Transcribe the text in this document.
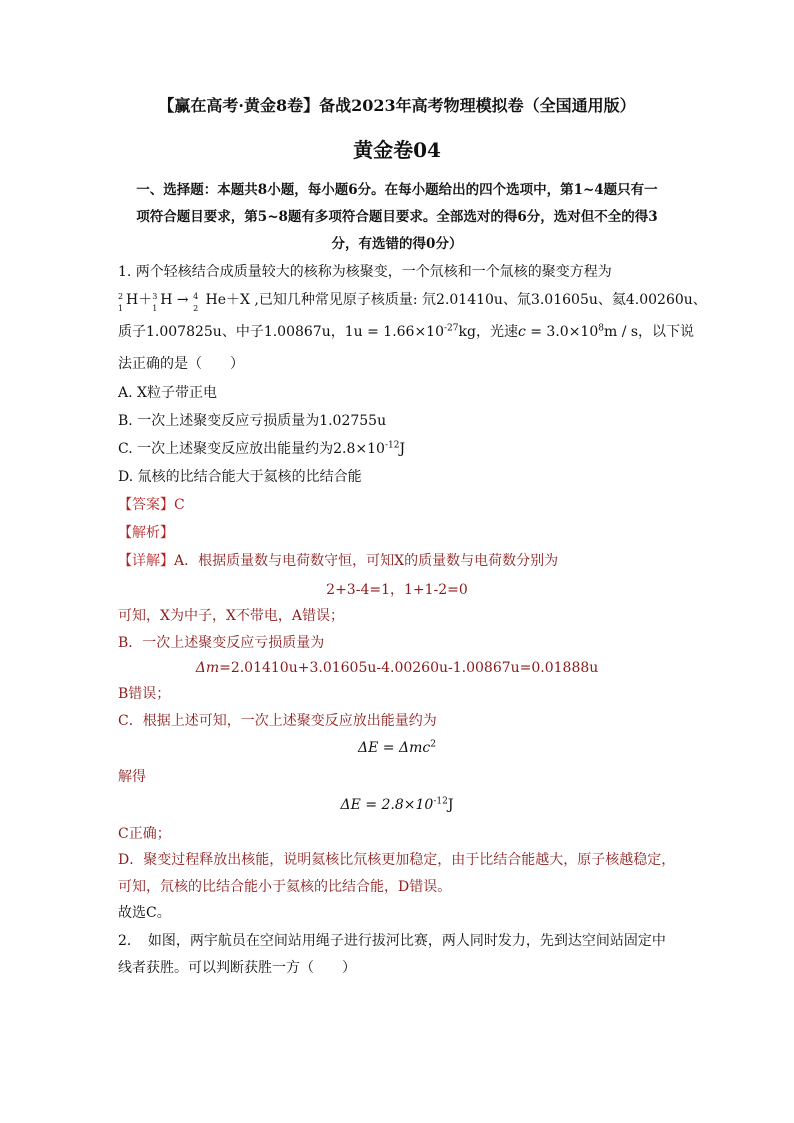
【赢在高考·黄金8卷】备战2023年高考物理模拟卷（全国通用版）
黄金卷04
一、选择题：本题共8小题，每小题6分。在每小题给出的四个选项中，第1~4题只有一
项符合题目要求，第5~8题有多项符合题目要求。全部选对的得6分，选对但不全的得3
分，有选错的得0分）
1. 两个轻核结合成质量较大的核称为核聚变，一个氘核和一个氚核的聚变方程为
2
1
H＋ 3
1
H → 4
2
He＋X ,已知几种常见原子核质量: 氘2.01410u、氚3.01605u、氦4.00260u、
质子1.007825u、中子1.00867u，$1u = 1.66\times 10^{-27}kg$，光速$c = 3.0\times 10^8m / s$，以下说
法正确的是（　　）
A. X粒子带正电
B. 一次上述聚变反应亏损质量为1.02755u
C. 一次上述聚变反应放出能量约为$2.8\times 10^{-12}J$
D. 氚核的比结合能大于氦核的比结合能
【答案】C
【解析】
【详解】A．根据质量数与电荷数守恒，可知X的质量数与电荷数分别为
2+3-4=1，1+1-2=0
可知，X为中子，X不带电，A错误；
B．一次上述聚变反应亏损质量为
Δm=2.01410u+3.01605u-4.00260u-1.00867u=0.01888u
B错误；
C．根据上述可知，一次上述聚变反应放出能量约为
ΔE = Δmc$^2$
解得
$\Delta E = 2.8\times 10^{-12}J$
C正确；
D．聚变过程释放出核能，说明氦核比氘核更加稳定，由于比结合能越大，原子核越稳定，
可知，氘核的比结合能小于氦核的比结合能，D错误。
故选C。
2．　如图，两宇航员在空间站用绳子进行拔河比赛，两人同时发力，先到达空间站固定中
线者获胜。可以判断获胜一方（　　）
